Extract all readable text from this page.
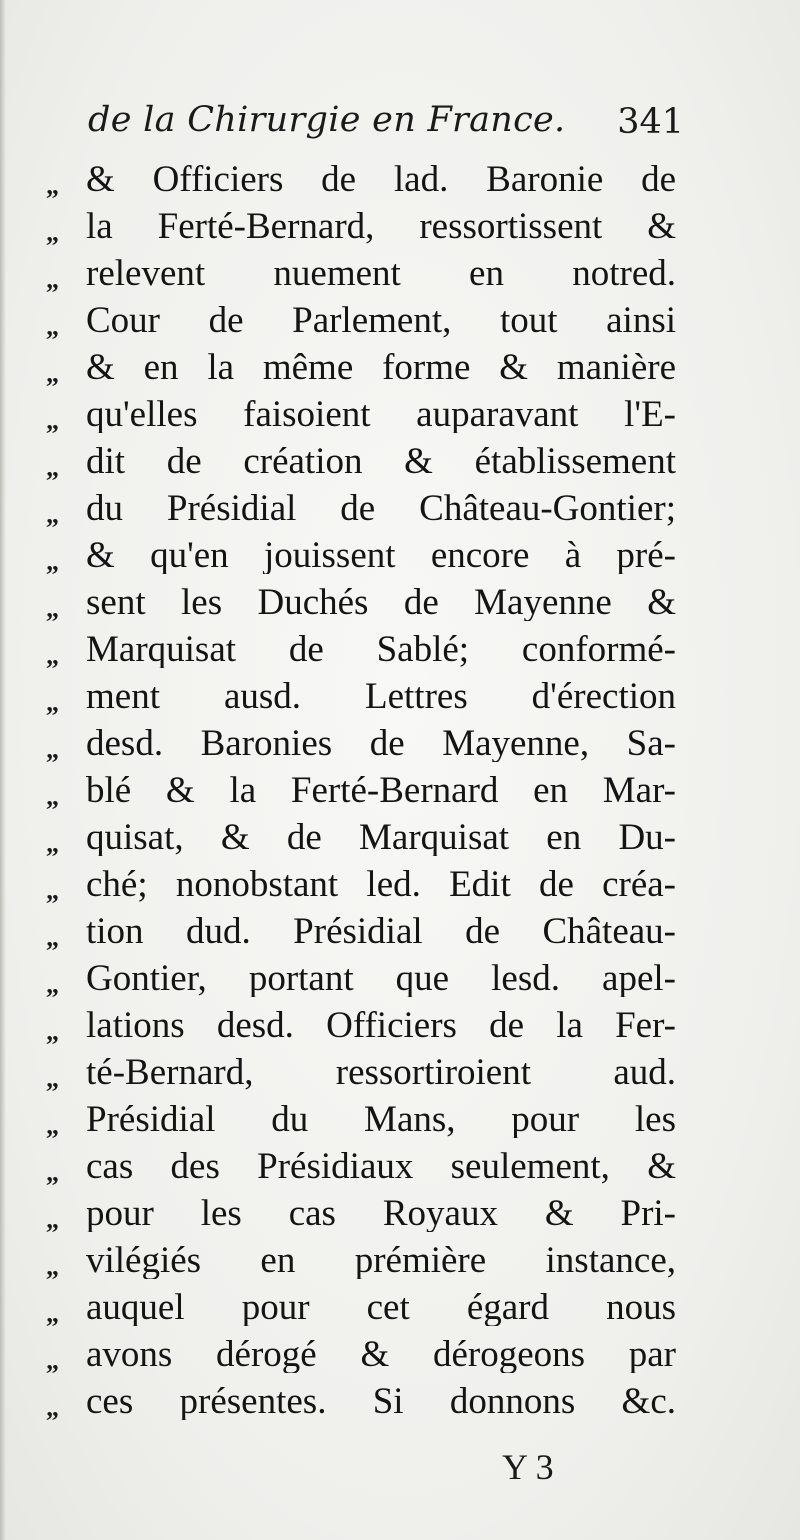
de la Chirurgie en France. 341
„ & Officiers de lad. Baronie de
„ la Ferté-Bernard, ressortissent &
„ relevent nuement en notred.
„ Cour de Parlement, tout ainsi
„ & en la même forme & manière
„ qu'elles faisoient auparavant l'E-
„ dit de création & établissement
„ du Présidial de Château-Gontier;
„ & qu'en jouissent encore à pré-
„ sent les Duchés de Mayenne &
„ Marquisat de Sablé; conformé-
„ ment ausd. Lettres d'érection
„ desd. Baronies de Mayenne, Sa-
„ blé & la Ferté-Bernard en Mar-
„ quisat, & de Marquisat en Du-
„ ché; nonobstant led. Edit de créa-
„ tion dud. Présidial de Château-
„ Gontier, portant que lesd. apel-
„ lations desd. Officiers de la Fer-
„ té-Bernard, ressortiroient aud.
„ Présidial du Mans, pour les
„ cas des Présidiaux seulement, &
„ pour les cas Royaux & Pri-
„ vilégiés en prémière instance,
„ auquel pour cet égard nous
„ avons dérogé & dérogeons par
„ ces présentes. Si donnons &c.
Y 3
